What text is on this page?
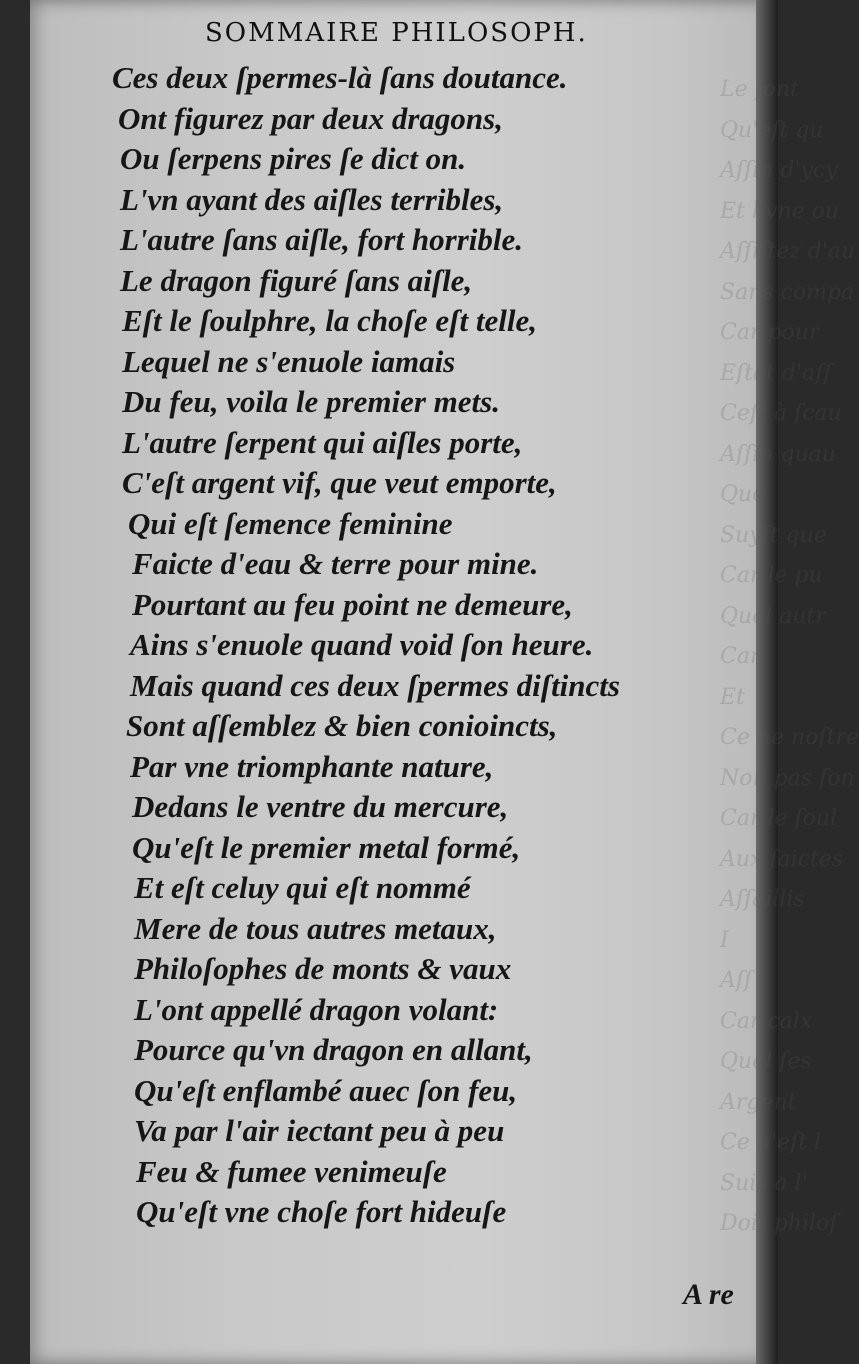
Le ſont
Qu'eſt qu
Aſſin d'ycy
Et l'vne ou
Aſſiſtez d'au
Sans compa
Car pour
Eſtat d'aſſ
Ceſt à ſcau
Aſſin quau
Que
Suyſt que
Car le pu
Quel autr
Car
Et
Ce ne noſtre
Non pas fon
Car le ſoul
Aux ſaictes
Aſſaillis
I
Aſſ
Car calx
Quel ſes
Argent
Ce n'eſt l
Suis a l'
Doit philoſ
SOMMAIRE PHILOSOPH.
Ces deux ſpermes-là ſans doutance.
Ont figurez par deux dragons,
Ou ſerpens pires ſe dict on.
L'vn ayant des aiſles terribles,
L'autre ſans aiſle, fort horrible.
Le dragon figuré ſans aiſle,
Eſt le ſoulphre, la choſe eſt telle,
Lequel ne s'enuole iamais
Du feu, voila le premier mets.
L'autre ſerpent qui aiſles porte,
C'eſt argent vif, que veut emporte,
Qui eſt ſemence feminine
Faicte d'eau & terre pour mine.
Pourtant au feu point ne demeure,
Ains s'enuole quand void ſon heure.
Mais quand ces deux ſpermes diſtincts
Sont aſſemblez & bien conioincts,
Par vne triomphante nature,
Dedans le ventre du mercure,
Qu'eſt le premier metal formé,
Et eſt celuy qui eſt nommé
Mere de tous autres metaux,
Philoſophes de monts & vaux
L'ont appellé dragon volant:
Pource qu'vn dragon en allant,
Qu'eſt enflambé auec ſon feu,
Va par l'air iectant peu à peu
Feu & fumee venimeuſe
Qu'eſt vne choſe fort hideuſe
A re
